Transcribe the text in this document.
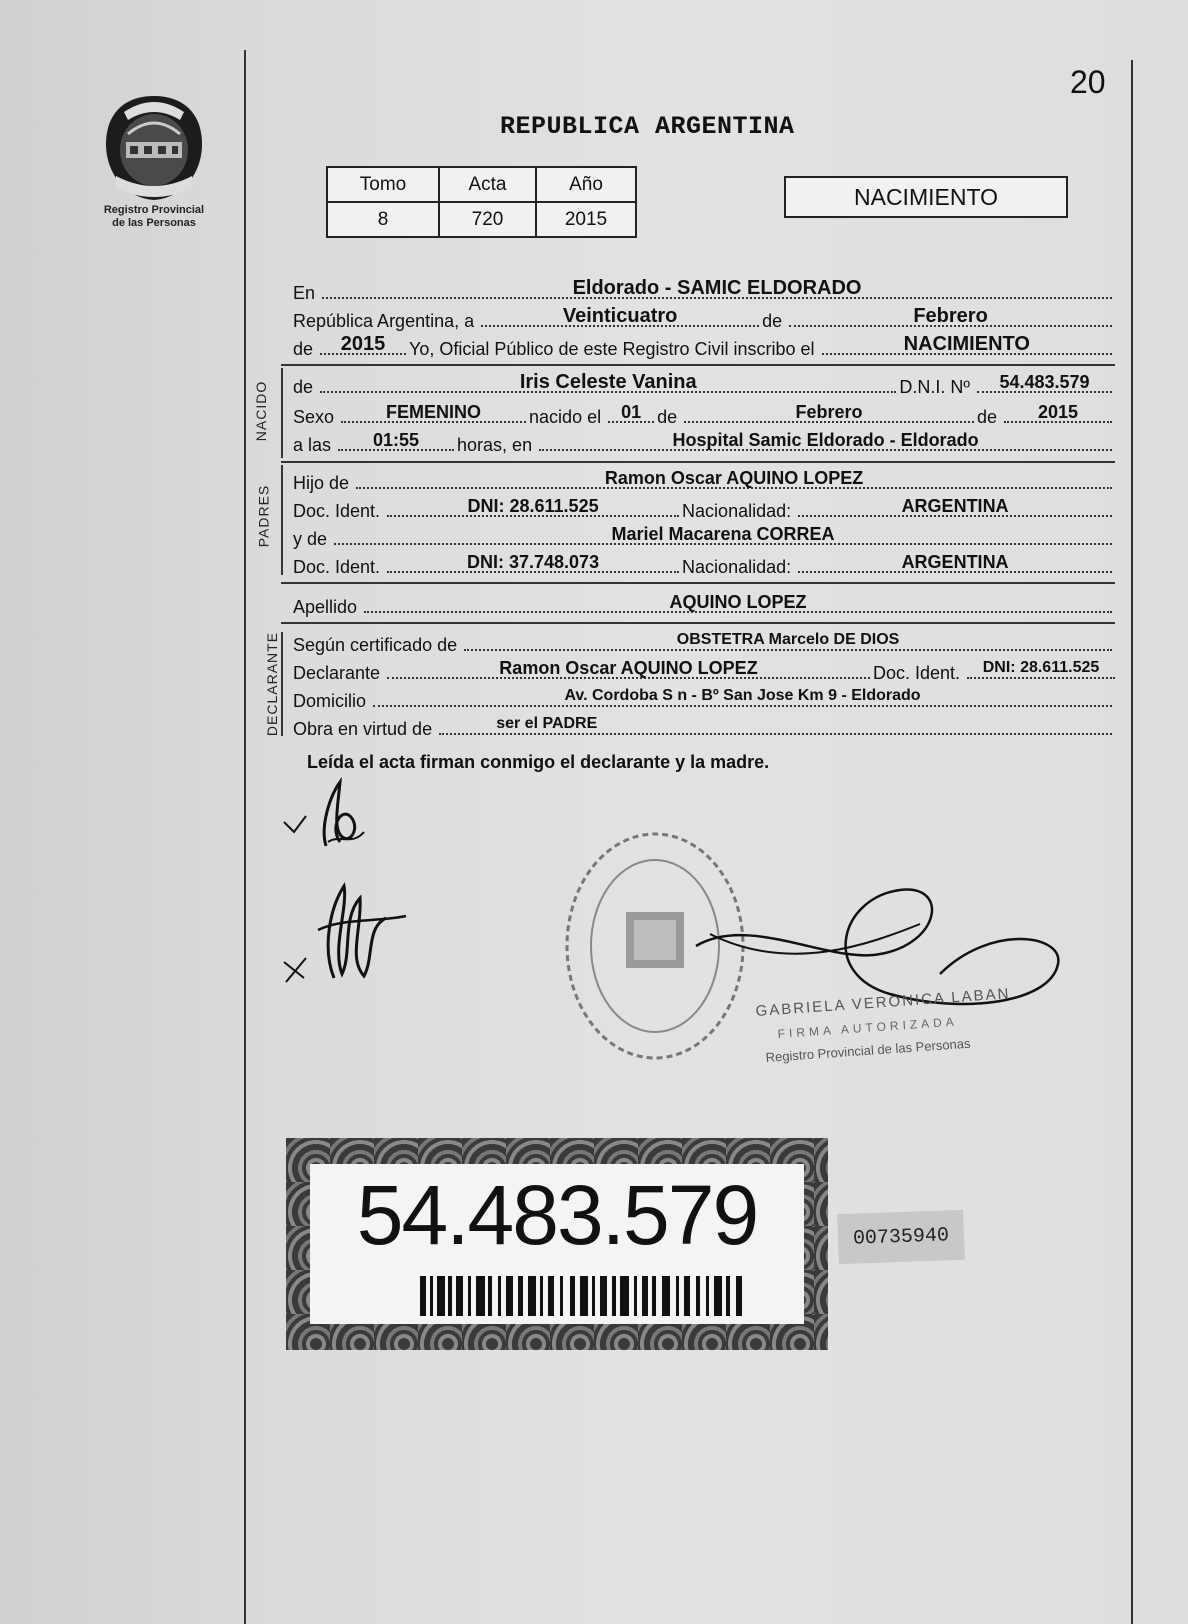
20
Registro Provincial
de las Personas
REPUBLICA ARGENTINA
Tomo	Acta	Año
8	720	2015
NACIMIENTO
En	Eldorado - SAMIC ELDORADO
República Argentina, a	Veinticuatro	de	Febrero
de 2015 Yo, Oficial Público de este Registro Civil inscribo el	NACIMIENTO
NACIDO de	Iris Celeste Vanina	D.N.I. Nº 54.483.579
Sexo	FEMENINO	nacido el 01 de	Febrero	de 2015
a las 01:55 horas, en	Hospital Samic Eldorado - Eldorado
PADRES
Hijo de	Ramon Oscar AQUINO LOPEZ
Doc. Ident.	DNI: 28.611.525	Nacionalidad:	ARGENTINA
y de	Mariel Macarena CORREA
Doc. Ident.	DNI: 37.748.073	Nacionalidad:	ARGENTINA
Apellido	AQUINO LOPEZ
DECLARANTE Según certificado de	OBSTETRA Marcelo DE DIOS
Declarante	Ramon Oscar AQUINO LOPEZ	Doc. Ident. DNI: 28.611.525
Domicilio	Av. Cordoba S n - Bº San Jose Km 9 - Eldorado
Obra en virtud de	ser el PADRE
Leída el acta firman conmigo el declarante y la madre.
GABRIELA VERONICA LABAN
FIRMA AUTORIZADA
Registro Provincial de las Personas
54.483.579	00735940
